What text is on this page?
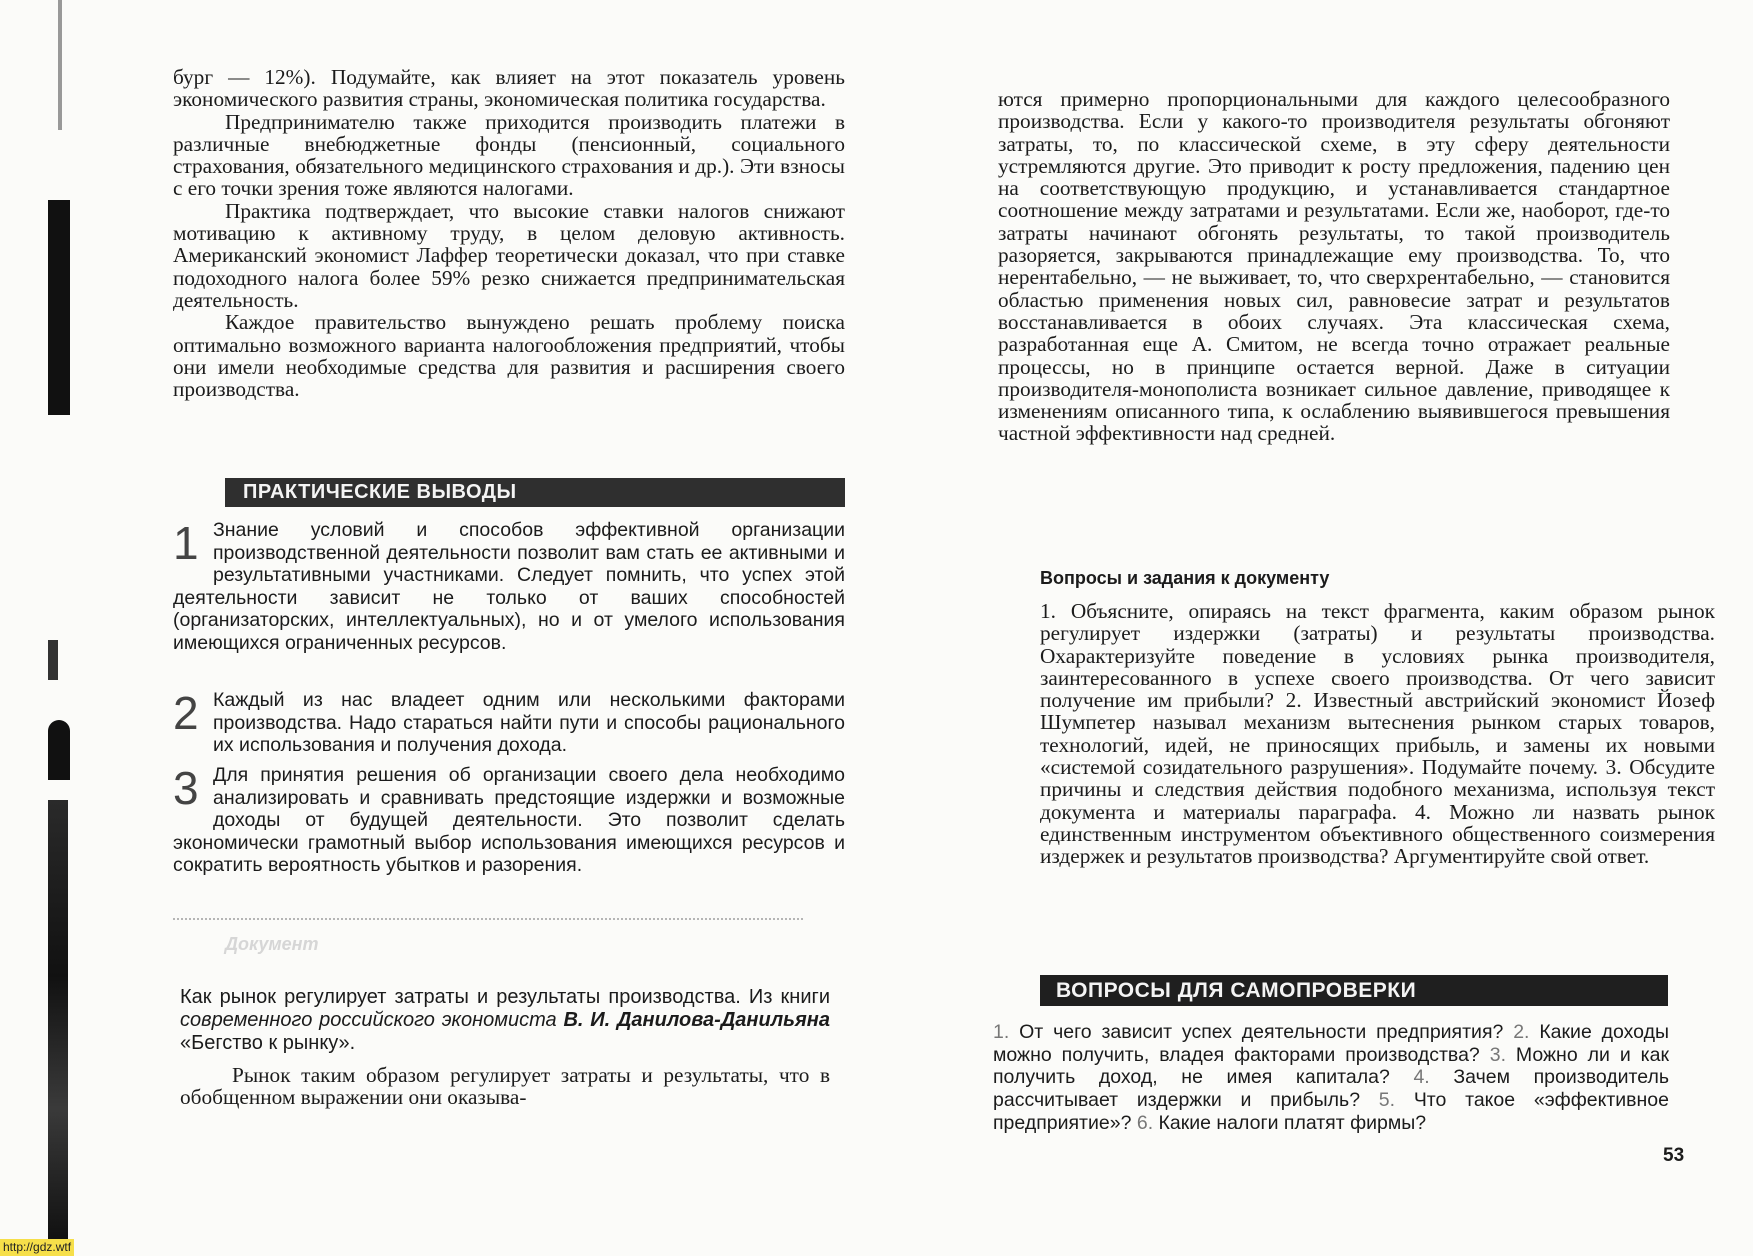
бург — 12%). Подумайте, как влияет на этот показатель уровень экономического развития страны, экономическая политика государства.

Предпринимателю также приходится производить платежи в различные внебюджетные фонды (пенсионный, социального страхования, обязательного медицинского страхования и др.). Эти взносы с его точки зрения тоже являются налогами.

Практика подтверждает, что высокие ставки налогов снижают мотивацию к активному труду, в целом деловую активность. Американский экономист Лаффер теоретически доказал, что при ставке подоходного налога более 59% резко снижается предпринимательская деятельность.

Каждое правительство вынуждено решать проблему поиска оптимально возможного варианта налогообложения предприятий, чтобы они имели необходимые средства для развития и расширения своего производства.

ПРАКТИЧЕСКИЕ ВЫВОДЫ
1 Знание условий и способов эффективной организации производственной деятельности позволит вам стать ее активными и результативными участниками. Следует помнить, что успех этой деятельности зависит не только от ваших способностей (организаторских, интеллектуальных), но и от умелого использования имеющихся ограниченных ресурсов.

2 Каждый из нас владеет одним или несколькими факторами производства. Надо стараться найти пути и способы рационального их использования и получения дохода.

3 Для принятия решения об организации своего дела необходимо анализировать и сравнивать предстоящие издержки и возможные доходы от будущей деятельности. Это позволит сделать экономически грамотный выбор использования имеющихся ресурсов и сократить вероятность убытков и разорения.

Документ

Как рынок регулирует затраты и результаты производства. Из книги современного российского экономиста В. И. Данилова-Данильяна «Бегство к рынку».

Рынок таким образом регулирует затраты и результаты, что в обобщенном выражении они оказыва-

http://gdz.wtf

ются примерно пропорциональными для каждого целесообразного производства. Если у какого-то производителя результаты обгоняют затраты, то, по классической схеме, в эту сферу деятельности устремляются другие. Это приводит к росту предложения, падению цен на соответствующую продукцию, и устанавливается стандартное соотношение между затратами и результатами. Если же, наоборот, где-то затраты начинают обгонять результаты, то такой производитель разоряется, закрываются принадлежащие ему производства. То, что нерентабельно, — не выживает, то, что сверхрентабельно, — становится областью применения новых сил, равновесие затрат и результатов восстанавливается в обоих случаях. Эта классическая схема, разработанная еще А. Смитом, не всегда точно отражает реальные процессы, но в принципе остается верной. Даже в ситуации производителя-монополиста возникает сильное давление, приводящее к изменениям описанного типа, к ослаблению выявившегося превышения частной эффективности над средней.

Вопросы и задания к документу

1. Объясните, опираясь на текст фрагмента, каким образом рынок регулирует издержки (затраты) и результаты производства. Охарактеризуйте поведение в условиях рынка производителя, заинтересованного в успехе своего производства. От чего зависит получение им прибыли? 2. Известный австрийский экономист Йозеф Шумпетер называл механизм вытеснения рынком старых товаров, технологий, идей, не приносящих прибыль, и замены их новыми «системой созидательного разрушения». Подумайте почему. 3. Обсудите причины и следствия действия подобного механизма, используя текст документа и материалы параграфа. 4. Можно ли назвать рынок единственным инструментом объективного общественного соизмерения издержек и результатов производства? Аргументируйте свой ответ.

ВОПРОСЫ ДЛЯ САМОПРОВЕРКИ

1. От чего зависит успех деятельности предприятия? 2. Какие доходы можно получить, владея факторами производства? 3. Можно ли и как получить доход, не имея капитала? 4. Зачем производитель рассчитывает издержки и прибыль? 5. Что такое «эффективное предприятие»? 6. Какие налоги платят фирмы?

53
